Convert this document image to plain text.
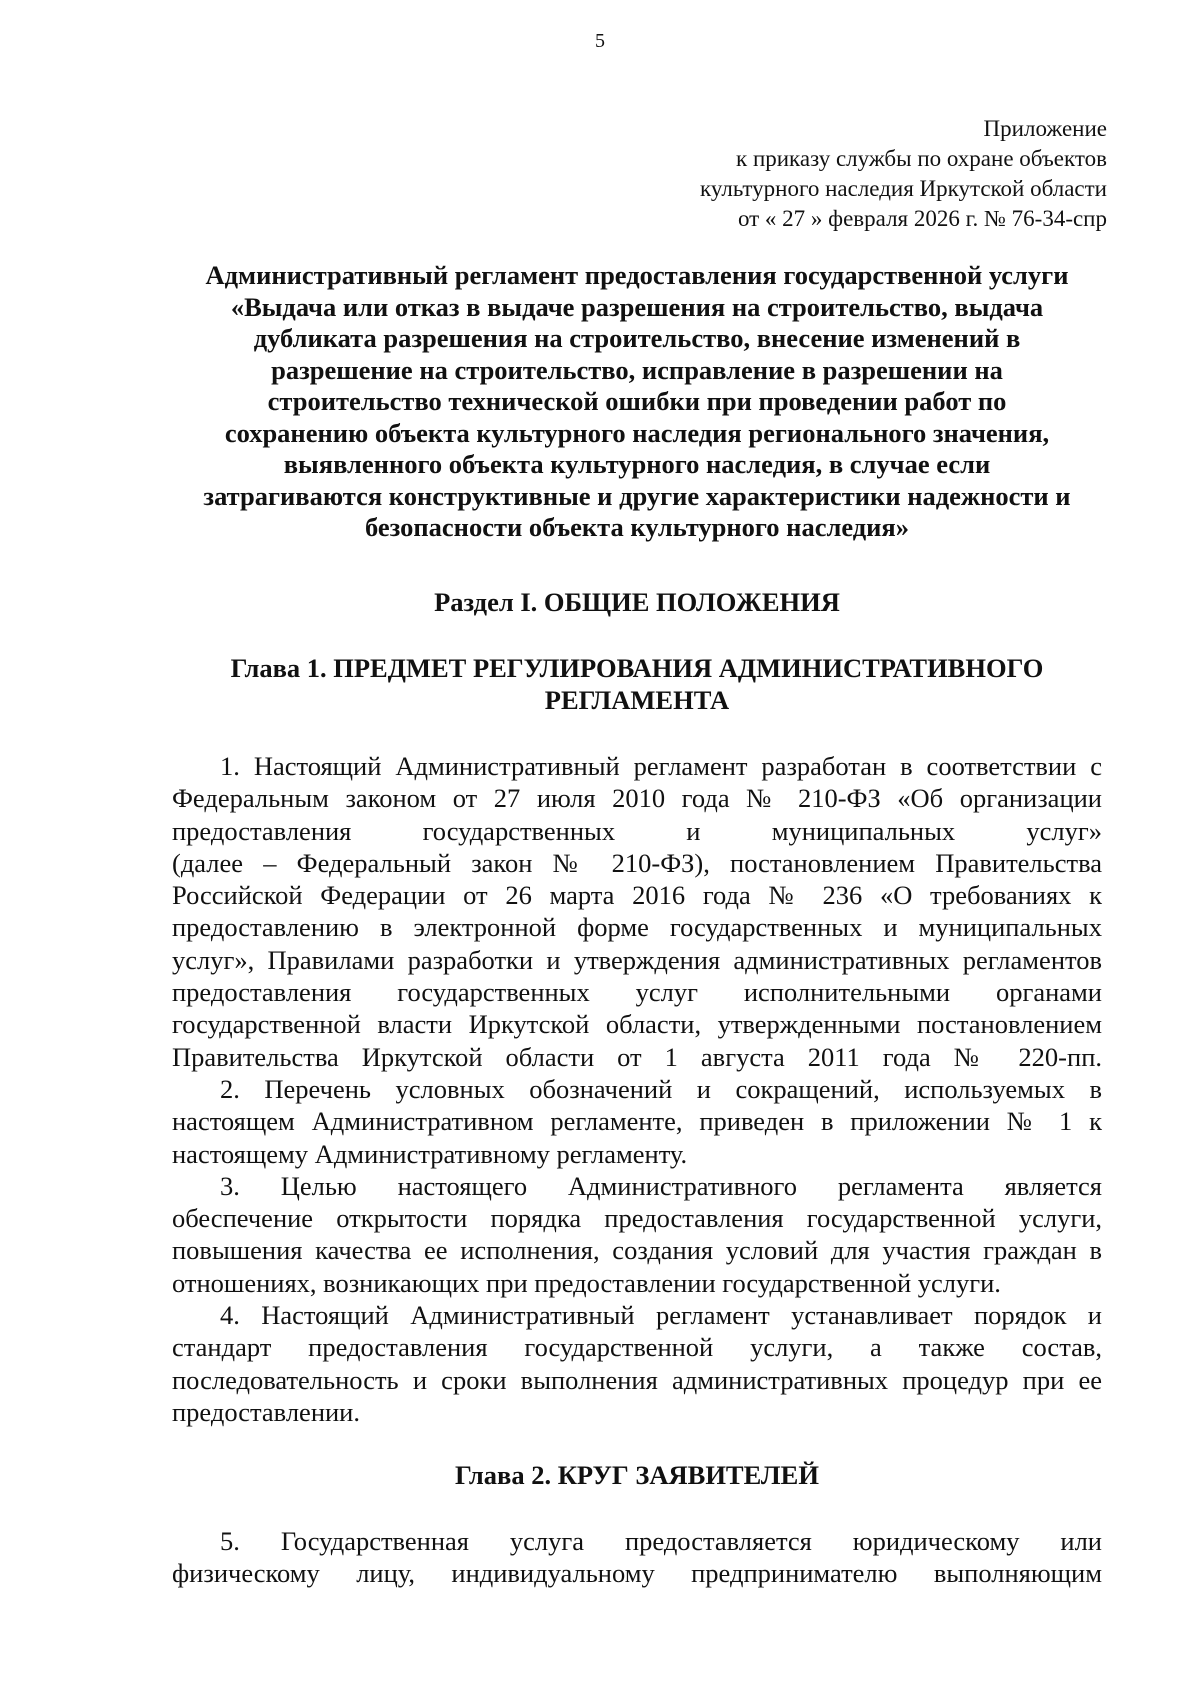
5
Приложение
к приказу службы по охране объектов
культурного наследия Иркутской области
от « 27 » февраля 2026 г. № 76-34-спр
Административный регламент предоставления государственной услуги
«Выдача или отказ в выдаче разрешения на строительство, выдача
дубликата разрешения на строительство, внесение изменений в
разрешение на строительство, исправление в разрешении на
строительство технической ошибки при проведении работ по
сохранению объекта культурного наследия регионального значения,
выявленного объекта культурного наследия, в случае если
затрагиваются конструктивные и другие характеристики надежности и
безопасности объекта культурного наследия»
Раздел I. ОБЩИЕ ПОЛОЖЕНИЯ
Глава 1. ПРЕДМЕТ РЕГУЛИРОВАНИЯ АДМИНИСТРАТИВНОГО
РЕГЛАМЕНТА
1. Настоящий Административный регламент разработан в соответствии с
Федеральным законом от 27 июля 2010 года № 210-ФЗ «Об организации
предоставления государственных и муниципальных услуг»
(далее – Федеральный закон № 210-ФЗ), постановлением Правительства
Российской Федерации от 26 марта 2016 года № 236 «О требованиях к
предоставлению в электронной форме государственных и муниципальных
услуг», Правилами разработки и утверждения административных регламентов
предоставления государственных услуг исполнительными органами
государственной власти Иркутской области, утвержденными постановлением
Правительства Иркутской области от 1 августа 2011 года № 220-пп.
2. Перечень условных обозначений и сокращений, используемых в
настоящем Административном регламенте, приведен в приложении № 1 к
настоящему Административному регламенту.
3. Целью настоящего Административного регламента является
обеспечение открытости порядка предоставления государственной услуги,
повышения качества ее исполнения, создания условий для участия граждан в
отношениях, возникающих при предоставлении государственной услуги.
4. Настоящий Административный регламент устанавливает порядок и
стандарт предоставления государственной услуги, а также состав,
последовательность и сроки выполнения административных процедур при ее
предоставлении.
Глава 2. КРУГ ЗАЯВИТЕЛЕЙ
5. Государственная услуга предоставляется юридическому или
физическому лицу, индивидуальному предпринимателю выполняющим
